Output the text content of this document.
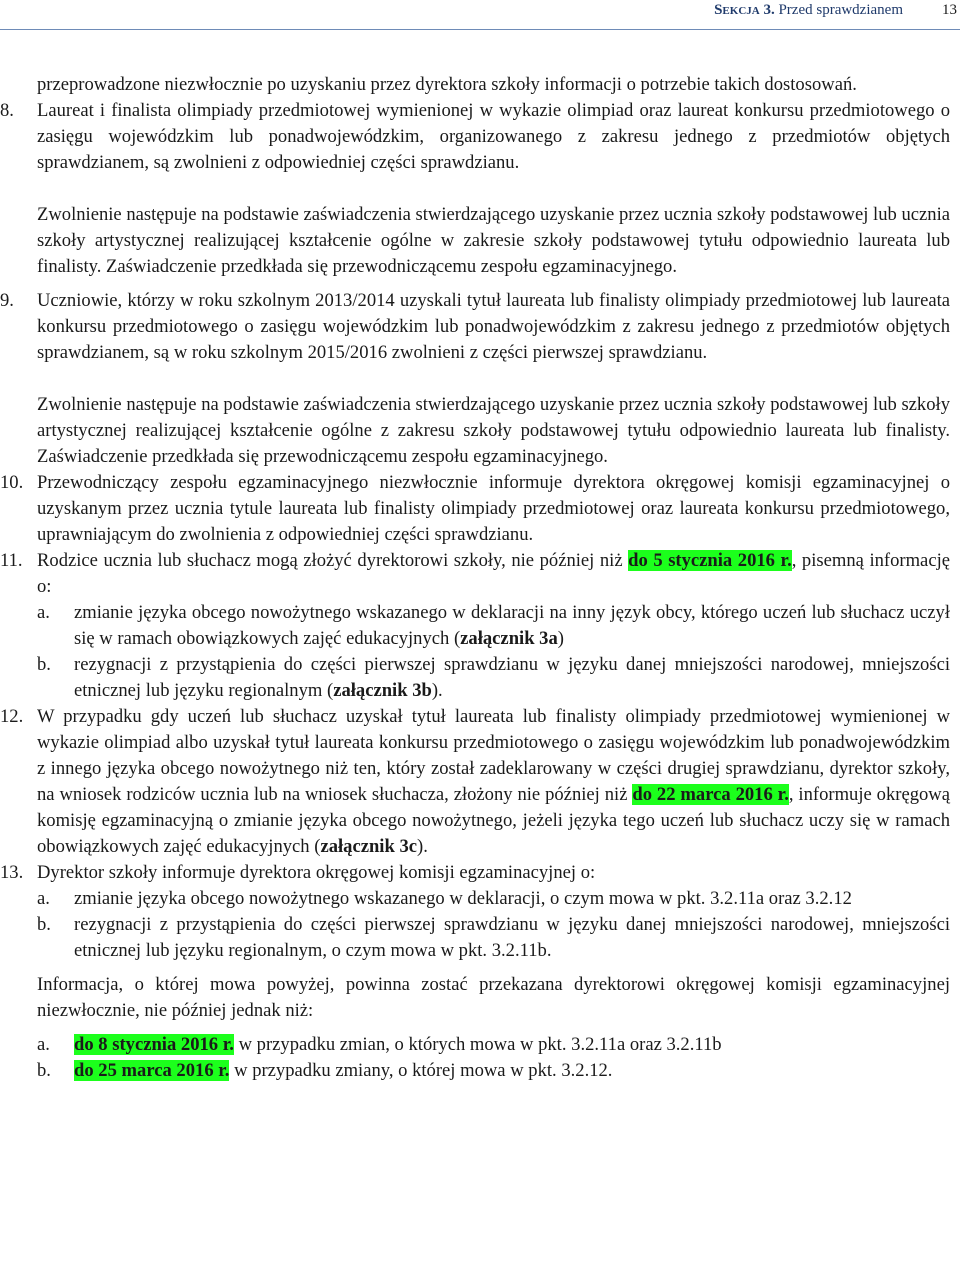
Sekcja 3. Przed sprawdzianem	13

przeprowadzone niezwłocznie po uzyskaniu przez dyrektora szkoły informacji o potrzebie takich dostosowań.

8.	Laureat i finalista olimpiady przedmiotowej wymienionej w wykazie olimpiad oraz laureat konkursu przedmiotowego o zasięgu wojewódzkim lub ponadwojewódzkim, organizowanego z zakresu jednego z przedmiotów objętych sprawdzianem, są zwolnieni z odpowiedniej części sprawdzianu.

Zwolnienie następuje na podstawie zaświadczenia stwierdzającego uzyskanie przez ucznia szkoły podstawowej lub ucznia szkoły artystycznej realizującej kształcenie ogólne w zakresie szkoły podstawowej tytułu odpowiednio laureata lub finalisty. Zaświadczenie przedkłada się przewodniczącemu zespołu egzaminacyjnego.

9.	Uczniowie, którzy w roku szkolnym 2013/2014 uzyskali tytuł laureata lub finalisty olimpiady przedmiotowej lub laureata konkursu przedmiotowego o zasięgu wojewódzkim lub ponadwojewódzkim z zakresu jednego z przedmiotów objętych sprawdzianem, są w roku szkolnym 2015/2016 zwolnieni z części pierwszej sprawdzianu.

Zwolnienie następuje na podstawie zaświadczenia stwierdzającego uzyskanie przez ucznia szkoły podstawowej lub szkoły artystycznej realizującej kształcenie ogólne z zakresu szkoły podstawowej tytułu odpowiednio laureata lub finalisty. Zaświadczenie przedkłada się przewodniczącemu zespołu egzaminacyjnego.

10. Przewodniczący zespołu egzaminacyjnego niezwłocznie informuje dyrektora okręgowej komisji egzaminacyjnej o uzyskanym przez ucznia tytule laureata lub finalisty olimpiady przedmiotowej oraz laureata konkursu przedmiotowego, uprawniającym do zwolnienia z odpowiedniej części sprawdzianu.
11. Rodzice ucznia lub słuchacz mogą złożyć dyrektorowi szkoły, nie później niż do 5 stycznia 2016 r., pisemną informację o:
a.	zmianie języka obcego nowożytnego wskazanego w deklaracji na inny język obcy, którego uczeń lub słuchacz uczył się w ramach obowiązkowych zajęć edukacyjnych (załącznik 3a)
b.	rezygnacji z przystąpienia do części pierwszej sprawdzianu w języku danej mniejszości narodowej, mniejszości etnicznej lub języku regionalnym (załącznik 3b).
12. W przypadku gdy uczeń lub słuchacz uzyskał tytuł laureata lub finalisty olimpiady przedmiotowej wymienionej w wykazie olimpiad albo uzyskał tytuł laureata konkursu przedmiotowego o zasięgu wojewódzkim lub ponadwojewódzkim z innego języka obcego nowożytnego niż ten, który został zadeklarowany w części drugiej sprawdzianu, dyrektor szkoły, na wniosek rodziców ucznia lub na wniosek słuchacza, złożony nie później niż do 22 marca 2016 r., informuje okręgową komisję egzaminacyjną o zmianie języka obcego nowożytnego, jeżeli języka tego uczeń lub słuchacz uczy się w ramach obowiązkowych zajęć edukacyjnych (załącznik 3c).
13. Dyrektor szkoły informuje dyrektora okręgowej komisji egzaminacyjnej o:
a.	zmianie języka obcego nowożytnego wskazanego w deklaracji, o czym mowa w pkt. 3.2.11a oraz 3.2.12
b.	rezygnacji z przystąpienia do części pierwszej sprawdzianu w języku danej mniejszości narodowej, mniejszości etnicznej lub języku regionalnym, o czym mowa w pkt. 3.2.11b.

Informacja, o której mowa powyżej, powinna zostać przekazana dyrektorowi okręgowej komisji egzaminacyjnej niezwłocznie, nie później jednak niż:

a.	do 8 stycznia 2016 r. w przypadku zmian, o których mowa w pkt. 3.2.11a oraz 3.2.11b
b.	do 25 marca 2016 r. w przypadku zmiany, o której mowa w pkt. 3.2.12.
